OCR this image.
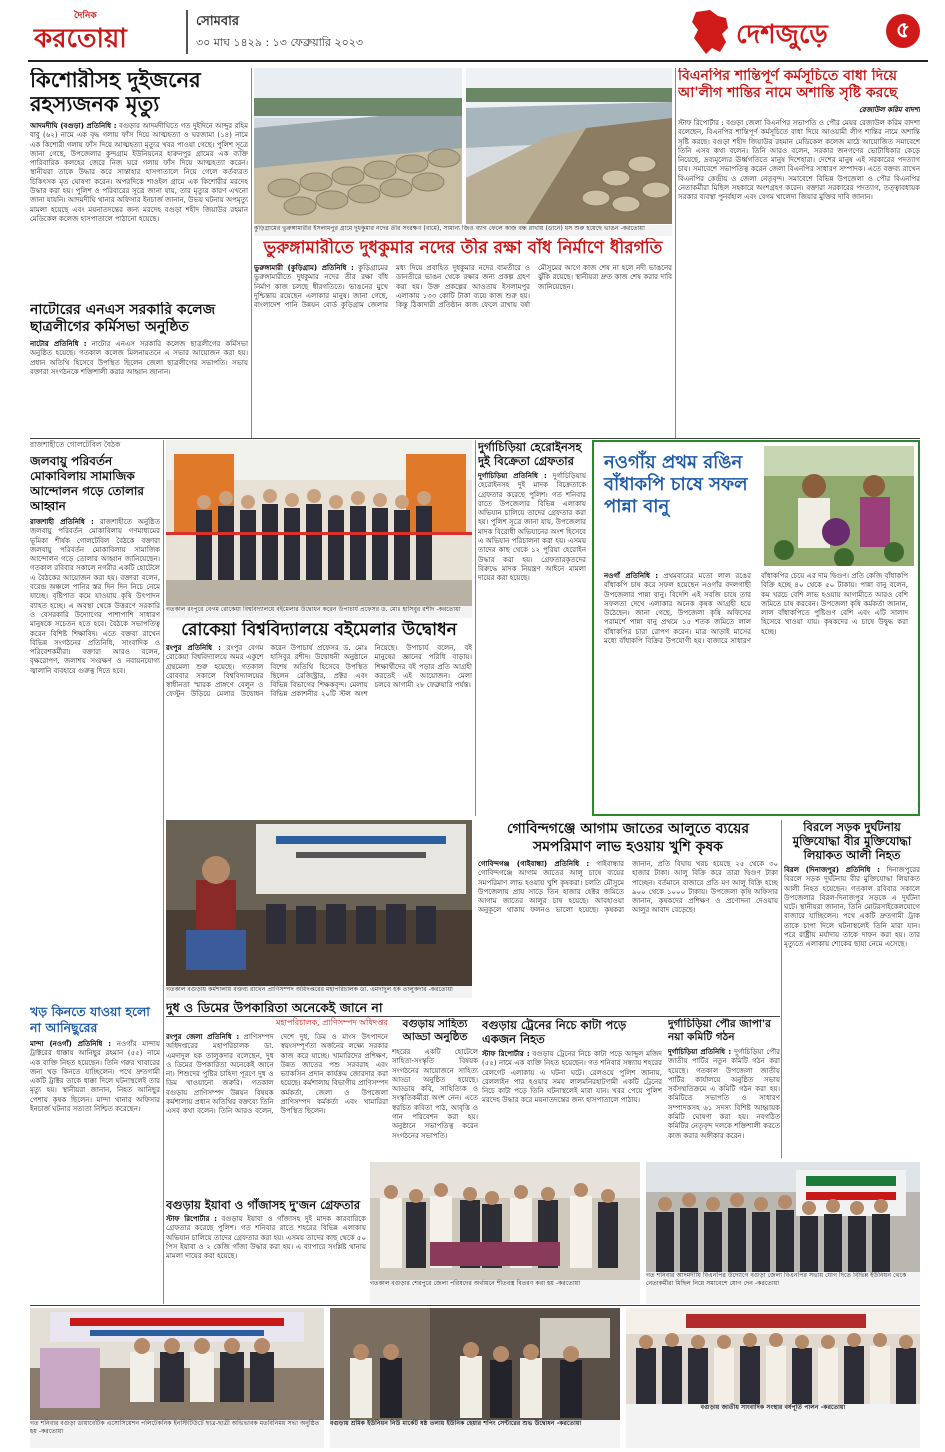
দৈনিক
করতোয়া
সোমবার
৩০ মাঘ ১৪২৯ : ১৩ ফেব্রুয়ারি ২০২৩	দেশজুড়ে	৫
কিশোরীসহ দুইজনের রহস্যজনক মৃত্যু
আদমদীঘি (বগুড়া) প্রতিনিধি : বগুড়ার আদমদীঘিতে গত দুইদিনে আব্দুর রহিম বাবু (৬২) নামে এক বৃদ্ধ গলায় ফাঁস দিয়ে আত্মহত্যা ও ঘরজামা (১৪) নামে এক কিশোরী গলায় ফাঁস দিয়ে আত্মহত্যা মৃত্যুর খবর পাওয়া গেছে। পুলিশ সূত্রে জানা গেছে, উপজেলার কুন্দগ্রাম ইউনিয়নের হারুনপুর গ্রামের এক ব্যক্তি পারিবারিক কলহের জেরে নিজ ঘরে গলায় ফাঁস দিয়ে আত্মহত্যা করেন। স্থানীয়রা তাকে উদ্ধার করে সান্তাহার হাসপাতালে নিয়ে গেলে কর্তব্যরত চিকিৎসক মৃত ঘোষণা করেন। অপরদিকে শাওইল গ্রামে এক কিশোরীর মরদেহ উদ্ধার করা হয়। পুলিশ ও পরিবারের সূত্রে জানা যায়, তার মৃত্যুর কারণ এখনো জানা যায়নি। আদমদীঘি থানার অফিসার ইনচার্জ জানান, উভয় ঘটনায় অপমৃত্যু মামলা হয়েছে এবং ময়নাতদন্তের জন্য মরদেহ বগুড়া শহীদ জিয়াউর রহমান মেডিকেল কলেজ হাসপাতালে পাঠানো হয়েছে।
কুড়িগ্রামের ভুরুঙ্গামারীর ইসলামপুর গ্রামে দুধকুমার নদের তীর সংরক্ষণ (বামে), সামান্য জিও ব্যাগ ফেলে কাজ বন্ধ রাখায় (ডানে) ধস শুরু হয়েছে ভাঙন -করতোয়া
ভুরুঙ্গামারীতে দুধকুমার নদের তীর রক্ষা বাঁধ নির্মাণে ধীরগতি
ভুরুঙ্গামারী (কুড়িগ্রাম) প্রতিনিধি : কুড়িগ্রামের ভুরুঙ্গামারীতে দুধকুমার নদের তীর রক্ষা বাঁধ নির্মাণ কাজ চলছে ধীরগতিতে। ভাঙনের মুখে দুশ্চিন্তায় রয়েছেন এলাকার মানুষ। জানা গেছে, বাংলাদেশ পানি উন্নয়ন বোর্ড কুড়িগ্রাম জেলার মধ্য দিয়ে প্রবাহিত দুধকুমার নদের বামতীরে ও ডানতীরে ভাঙন থেকে রক্ষার জন্য প্রকল্প গ্রহণ করা হয়। উক্ত প্রকল্পের আওতায় ইসলামপুর এলাকায় ১৩৩ কোটি টাকা ব্যয়ে কাজ শুরু হয়। কিন্তু ঠিকাদারী প্রতিষ্ঠান কাজ ফেলে রাখায় বর্ষা মৌসুমের আগে কাজ শেষ না হলে নদী ভাঙনের ঝুঁকি রয়েছে। স্থানীয়রা দ্রুত কাজ শেষ করার দাবি জানিয়েছেন।
বিএনপির শান্তিপূর্ণ কর্মসূচিতে বাধা দিয়ে আ'লীগ শান্তির নামে অশান্তি সৃষ্টি করছে
রেজাউল করিম বাদশা
স্টাফ রিপোর্টার : বগুড়া জেলা বিএনপির সভাপতি ও পৌর মেয়র রেজাউল করিম বাদশা বলেছেন, বিএনপির শান্তিপূর্ণ কর্মসূচিতে বাধা দিয়ে আওয়ামী লীগ শান্তির নামে অশান্তি সৃষ্টি করছে। বগুড়া শহীদ জিয়াউর রহমান মেডিকেল কলেজ মাঠে আয়োজিত সমাবেশে তিনি এসব কথা বলেন। তিনি আরও বলেন, সরকার জনগণের ভোটাধিকার কেড়ে নিয়েছে, দ্রব্যমূল্যের ঊর্ধ্বগতিতে মানুষ দিশেহারা। দেশের মানুষ এই সরকারের পদত্যাগ চায়। সমাবেশে সভাপতিত্ব করেন জেলা বিএনপির সাধারণ সম্পাদক। এতে বক্তব্য রাখেন বিএনপির কেন্দ্রীয় ও জেলা নেতৃবৃন্দ। সমাবেশে বিভিন্ন উপজেলা ও পৌর বিএনপির নেতাকর্মীরা মিছিল সহকারে অংশগ্রহণ করেন। বক্তারা সরকারের পদত্যাগ, তত্ত্বাবধায়ক সরকার ব্যবস্থা পুনর্বহাল এবং বেগম খালেদা জিয়ার মুক্তির দাবি জানান।
নাটোরের এনএস সরকারি কলেজ ছাত্রলীগের কর্মিসভা অনুষ্ঠিত
নাটোর প্রতিনিধি : নাটোর এনএস সরকারি কলেজ ছাত্রলীগের কর্মিসভা অনুষ্ঠিত হয়েছে। গতকাল কলেজ মিলনায়তনে এ সভার আয়োজন করা হয়। প্রধান অতিথি হিসেবে উপস্থিত ছিলেন জেলা ছাত্রলীগের সভাপতি। সভায় বক্তারা সংগঠনকে শক্তিশালী করার আহ্বান জানান।
রাজশাহীতে গোলটেবিল বৈঠক
জলবায়ু পরিবর্তন মোকাবিলায় সামাজিক আন্দোলন গড়ে তোলার আহ্বান
রাজশাহী প্রতিনিধি : রাজশাহীতে অনুষ্ঠিত জলবায়ু পরিবর্তন মোকাবিলায় গণমাধ্যমের ভূমিকা শীর্ষক গোলটেবিল বৈঠকে বক্তারা জলবায়ু পরিবর্তন মোকাবিলায় সামাজিক আন্দোলন গড়ে তোলার আহ্বান জানিয়েছেন। গতকাল রবিবার সকালে নগরীর একটি হোটেলে এ বৈঠকের আয়োজন করা হয়। বক্তারা বলেন, বরেন্দ্র অঞ্চলে পানির স্তর দিন দিন নিচে নেমে যাচ্ছে। বৃষ্টিপাত কমে যাওয়ায় কৃষি উৎপাদন ব্যাহত হচ্ছে। এ অবস্থা থেকে উত্তরণে সরকারি ও বেসরকারি উদ্যোগের পাশাপাশি সাধারণ মানুষকে সচেতন হতে হবে। বৈঠকে সভাপতিত্ব করেন বিশিষ্ট শিক্ষাবিদ। এতে বক্তব্য রাখেন বিভিন্ন সংগঠনের প্রতিনিধি, সাংবাদিক ও পরিবেশকর্মীরা। বক্তারা আরও বলেন, বৃক্ষরোপণ, জলাশয় সংরক্ষণ ও নবায়নযোগ্য জ্বালানি ব্যবহারে গুরুত্ব দিতে হবে।
গতকাল রংপুরে বেগম রোকেয়া বিশ্ববিদ্যালয়ে বইমেলার উদ্বোধন করেন উপাচার্য প্রফেসর ড. মোঃ হাসিবুর রশীদ -করতোয়া
রোকেয়া বিশ্ববিদ্যালয়ে বইমেলার উদ্বোধন
রংপুর প্রতিনিধি : রংপুর বেগম রোকেয়া বিশ্ববিদ্যালয়ে অমর একুশে গ্রন্থমেলা শুরু হয়েছে। গতকাল রোববার সকালে বিশ্ববিদ্যালয়ের স্বাধীনতা স্মারক প্রাঙ্গণে বেলুন ও ফেস্টুন উড়িয়ে মেলার উদ্বোধন করেন উপাচার্য প্রফেসর ড. মোঃ হাসিবুর রশীদ। উদ্বোধনী অনুষ্ঠানে বিশেষ অতিথি হিসেবে উপস্থিত ছিলেন রেজিস্ট্রার, প্রক্টর এবং বিভিন্ন বিভাগের শিক্ষকবৃন্দ। মেলায় বিভিন্ন প্রকাশনীর ২০টি স্টল অংশ নিয়েছে। উপাচার্য বলেন, বই মানুষের জ্ঞানের পরিধি বাড়ায়। শিক্ষার্থীদের বই পড়ার প্রতি আগ্রহী করতেই এই আয়োজন। মেলা চলবে আগামী ২৮ ফেব্রুয়ারি পর্যন্ত।
দুর্গাচিড়িয়া হেরোইনসহ দুই বিক্রেতা গ্রেফতার
দুর্গাচিড়িয়া প্রতিনিধি : দুর্গাচিড়িয়ায় হেরোইনসহ দুই মাদক বিক্রেতাকে গ্রেফতার করেছে পুলিশ। গত শনিবার রাতে উপজেলার বিভিন্ন এলাকায় অভিযান চালিয়ে তাদের গ্রেফতার করা হয়। পুলিশ সূত্রে জানা যায়, উপজেলার মাদক বিরোধী অভিযানের অংশ হিসেবে এ অভিযান পরিচালনা করা হয়। এসময় তাদের কাছ থেকে ১২ পুরিয়া হেরোইন উদ্ধার করা হয়। গ্রেফতারকৃতদের বিরুদ্ধে মাদক নিয়ন্ত্রণ আইনে মামলা দায়ের করা হয়েছে।
নওগাঁয় প্রথম রঙিন বাঁধাকপি চাষে সফল পান্না বানু
নওগাঁ প্রতিনিধি : প্রথমবারের মতো লাল রঙের বাঁধাকপি চাষ করে সফল হয়েছেন নওগাঁর বদলগাছী উপজেলার পান্না বানু। বিদেশি এই সবজি চাষে তার সফলতা দেখে এলাকার অনেক কৃষক আগ্রহী হয়ে উঠেছেন। জানা গেছে, উপজেলা কৃষি অফিসের পরামর্শে পান্না বানু প্রথমে ১৫ শতক জমিতে লাল বাঁধাকপির চারা রোপণ করেন। মাত্র আড়াই মাসের মধ্যে বাঁধাকপি বিক্রির উপযোগী হয়। বাজারে সাধারণ বাঁধাকপির চেয়ে এর দাম দ্বিগুণ। প্রতি কেজি বাঁধাকপি বিক্রি হচ্ছে ৪০ থেকে ৫০ টাকায়। পান্না বানু বলেন, কম খরচে বেশি লাভ হওয়ায় আগামীতে আরও বেশি জমিতে চাষ করবেন। উপজেলা কৃষি কর্মকর্তা জানান, লাল বাঁধাকপিতে পুষ্টিগুণ বেশি এবং এটি সালাদ হিসেবে খাওয়া যায়। কৃষকদের এ চাষে উদ্বুদ্ধ করা হচ্ছে।
গতকাল বগুড়ায় কর্মশালায় বক্তব্য রাখেন প্রাণিসম্পদ অধিদপ্তরের মহাপরিচালক ডা. এমদাদুল হক তালুকদার -করতোয়া
গোবিন্দগঞ্জে আগাম জাতের আলুতে ব্যয়ের সমপরিমাণ লাভ হওয়ায় খুশি কৃষক
গোবিন্দগঞ্জ (গাইবান্ধা) প্রতিনিধি : গাইবান্ধার গোবিন্দগঞ্জে আগাম জাতের আলু চাষে ব্যয়ের সমপরিমাণ লাভ হওয়ায় খুশি কৃষকরা। চলতি মৌসুমে উপজেলায় প্রায় সাড়ে তিন হাজার হেক্টর জমিতে আগাম জাতের আলুর চাষ হয়েছে। আবহাওয়া অনুকূলে থাকায় ফলনও ভালো হয়েছে। কৃষকরা জানান, প্রতি বিঘায় খরচ হয়েছে ২৫ থেকে ৩০ হাজার টাকা। আলু বিক্রি করে তারা দ্বিগুণ টাকা পাচ্ছেন। বর্তমানে বাজারে প্রতি মণ আলু বিক্রি হচ্ছে ৯০০ থেকে ১০০০ টাকায়। উপজেলা কৃষি অফিসার জানান, কৃষকদের প্রশিক্ষণ ও প্রণোদনা দেওয়ায় আলুর আবাদ বেড়েছে।
বিরলে সড়ক দুর্ঘটনায় মুক্তিযোদ্ধা বীর মুক্তিযোদ্ধা লিয়াকত আলী নিহত
বিরল (দিনাজপুর) প্রতিনিধি : দিনাজপুরের বিরলে সড়ক দুর্ঘটনায় বীর মুক্তিযোদ্ধা লিয়াকত আলী নিহত হয়েছেন। গতকাল রবিবার সকালে উপজেলার বিরল-দিনাজপুর সড়কে এ দুর্ঘটনা ঘটে। স্থানীয়রা জানান, তিনি মোটরসাইকেলযোগে বাজারে যাচ্ছিলেন। পথে একটি দ্রুতগামী ট্রাক তাকে চাপা দিলে ঘটনাস্থলেই তিনি মারা যান। পরে রাষ্ট্রীয় মর্যাদায় তাকে দাফন করা হয়। তার মৃত্যুতে এলাকায় শোকের ছায়া নেমে এসেছে।
খড় কিনতে যাওয়া হলো না আনিছুরের
মান্দা (নওগাঁ) প্রতিনিধি : নওগাঁর মান্দায় ট্রাক্টরের ধাক্কায় আনিছুর রহমান (৫৫) নামে এক ব্যক্তি নিহত হয়েছেন। তিনি গরুর খাবারের জন্য খড় কিনতে যাচ্ছিলেন। পথে দ্রুতগামী একটি ট্রাক্টর তাকে ধাক্কা দিলে ঘটনাস্থলেই তার মৃত্যু হয়। স্থানীয়রা জানান, নিহত আনিছুর পেশায় কৃষক ছিলেন। মান্দা থানার অফিসার ইনচার্জ ঘটনার সত্যতা নিশ্চিত করেছেন।
দুধ ও ডিমের উপকারিতা অনেকেই জানে না
মহাপরিচালক, প্রাণিসম্পদ অধিদপ্তর
রংপুর জেলা প্রতিনিধি : প্রাণিসম্পদ অধিদপ্তরের মহাপরিচালক ডা. এমদাদুল হক তালুকদার বলেছেন, দুধ ও ডিমের উপকারিতা অনেকেই জানে না। শিশুদের পুষ্টির চাহিদা পূরণে দুধ ও ডিম খাওয়ানো জরুরি। গতকাল বগুড়ায় প্রাণিসম্পদ উন্নয়ন বিষয়ক কর্মশালায় প্রধান অতিথির বক্তব্যে তিনি এসব কথা বলেন। তিনি আরও বলেন, দেশে দুধ, ডিম ও মাংস উৎপাদনে স্বয়ংসম্পূর্ণতা অর্জনের লক্ষ্যে সরকার কাজ করে যাচ্ছে। খামারিদের প্রশিক্ষণ, উন্নত জাতের পশু সরবরাহ এবং ভ্যাকসিন প্রদান কার্যক্রম জোরদার করা হয়েছে। কর্মশালায় বিভাগীয় প্রাণিসম্পদ কর্মকর্তা, জেলা ও উপজেলা প্রাণিসম্পদ কর্মকর্তা এবং খামারিরা উপস্থিত ছিলেন।
বগুড়ায় সাহিত্য আড্ডা অনুষ্ঠিত
শহরের একটি হোটেলে সাহিত্য-সংস্কৃতি বিষয়ক সংগঠনের আয়োজনে সাহিত্য আড্ডা অনুষ্ঠিত হয়েছে। আড্ডায় কবি, সাহিত্যিক ও সংস্কৃতিকর্মীরা অংশ নেন। এতে স্বরচিত কবিতা পাঠ, আবৃত্তি ও গান পরিবেশন করা হয়। অনুষ্ঠানে সভাপতিত্ব করেন সংগঠনের সভাপতি।
বগুড়ায় ট্রেনের নিচে কাটা পড়ে একজন নিহত
স্টাফ রিপোর্টার : বগুড়ায় ট্রেনের নিচে কাটা পড়ে আব্দুল মজিদ (৫৫) নামে এক ব্যক্তি নিহত হয়েছেন। গত শনিবার সন্ধ্যায় শহরের রেলগেট এলাকায় এ ঘটনা ঘটে। রেলওয়ে পুলিশ জানায়, রেললাইন পার হওয়ার সময় লালমনিরহাটগামী একটি ট্রেনের নিচে কাটা পড়ে তিনি ঘটনাস্থলেই মারা যান। খবর পেয়ে পুলিশ মরদেহ উদ্ধার করে ময়নাতদন্তের জন্য হাসপাতালে পাঠায়।
দুর্গাচিড়িয়া পৌর জাপা'র নয়া কমিটি গঠন
দুর্গাচিড়িয়া প্রতিনিধি : দুর্গাচিড়িয়া পৌর জাতীয় পার্টির নতুন কমিটি গঠন করা হয়েছে। গতকাল উপজেলা জাতীয় পার্টির কার্যালয়ে অনুষ্ঠিত সভায় সর্বসম্মতিক্রমে এ কমিটি গঠন করা হয়। কমিটিতে সভাপতি ও সাধারণ সম্পাদকসহ ৬১ সদস্য বিশিষ্ট আহ্বায়ক কমিটি ঘোষণা করা হয়। নবগঠিত কমিটির নেতৃবৃন্দ দলকে শক্তিশালী করতে কাজ করার অঙ্গীকার করেন।
বগুড়ায় ইয়াবা ও গাঁজাসহ দু'জন গ্রেফতার
স্টাফ রিপোর্টার : বগুড়ায় ইয়াবা ও গাঁজাসহ দুই মাদক কারবারিকে গ্রেফতার করেছে পুলিশ। গত শনিবার রাতে শহরের বিভিন্ন এলাকায় অভিযান চালিয়ে তাদের গ্রেফতার করা হয়। এসময় তাদের কাছ থেকে ৫০ পিস ইয়াবা ও ২ কেজি গাঁজা উদ্ধার করা হয়। এ ব্যাপারে সংশ্লিষ্ট থানায় মামলা দায়ের করা হয়েছে।
গতকাল বগুড়ার শেরপুরে জেলা পরিষদের অর্থায়নে শীতবস্ত্র বিতরণ করা হয় -করতোয়া
গত শনিবার আদমদীঘি বিএনপির উদ্যোগে বগুড়া জেলা বিএনপির সভায় যোগ দিতে বিভিন্ন ইউনিয়ন থেকে নেতাকর্মীরা মিছিল নিয়ে সমাবেশে যোগ দেন -করতোয়া
গত শনিবার বগুড়া ডায়াবেটিক এসোসিয়েশন পলিটেকনিক ইনস্টিটিউটে ছাত্র-ছাত্রী অভিভাবক মতবিনিময় সভা অনুষ্ঠিত হয় -করতোয়া
বগুড়ায় শ্রমিক ইউনিয়ন নিউ মার্কেট ষষ্ঠ তলায় ইউনিক হেয়ার শপিং সেন্টারের শুভ উদ্বোধন -করতোয়া
বগুড়ায় জাতীয় সাংবাদিক সংস্থার বর্ষপূর্তি পালন -করতোয়া
